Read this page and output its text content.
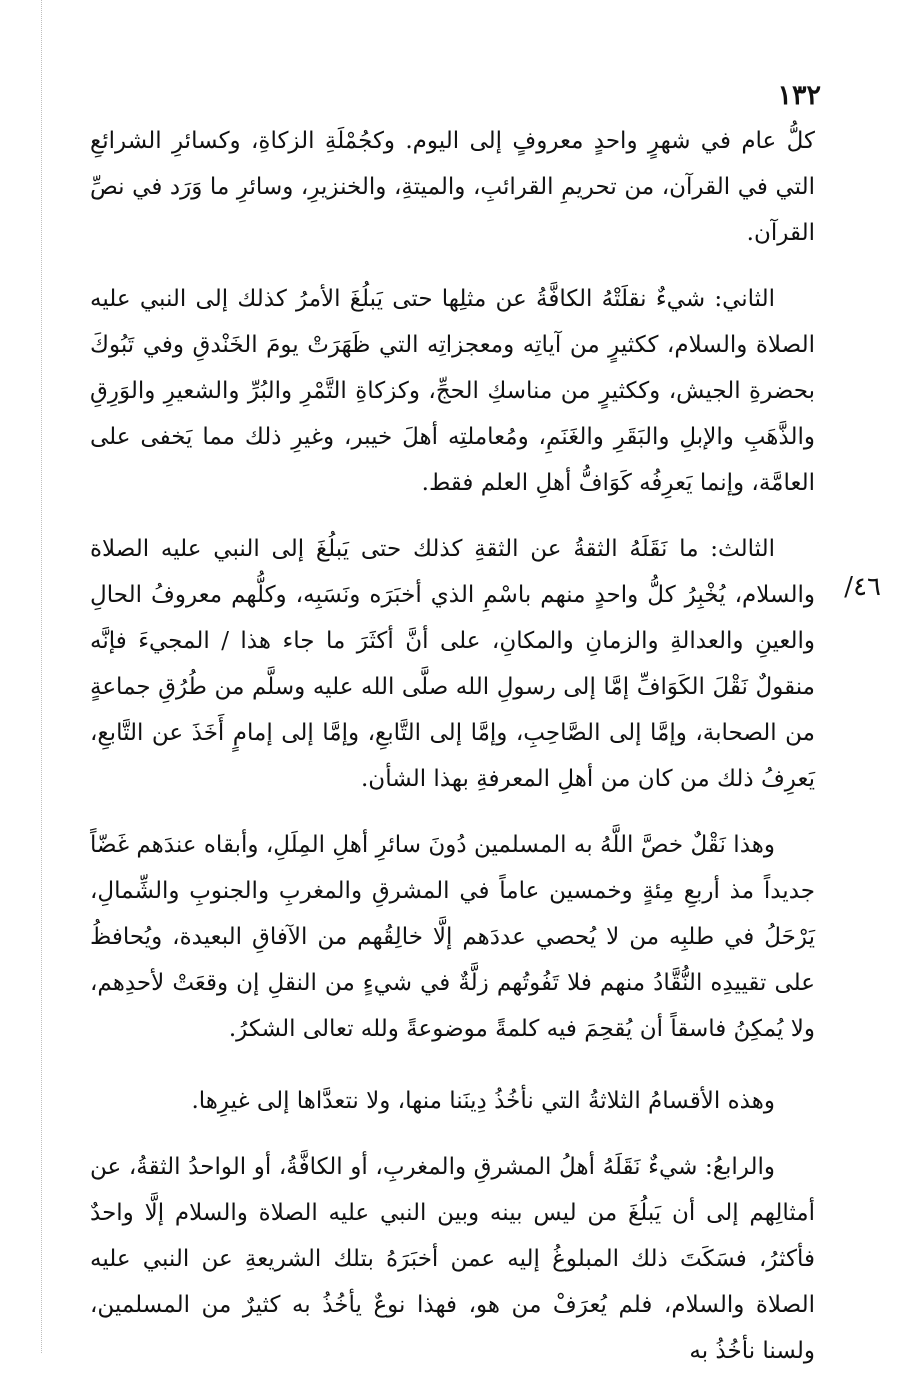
١٣٢
٤٦/

كلُّ عام في شهرٍ واحدٍ معروفٍ إلى اليوم. وكجُمْلَةِ الزكاةِ، وكسائرِ الشرائعِ التي في القرآن، من تحريمِ القرائبِ، والميتةِ، والخنزيرِ، وسائرِ ما وَرَد في نصِّ القرآن.

الثاني: شيءٌ نقلَتْهُ الكافَّةُ عن مثلِها حتى يَبلُغَ الأمرُ كذلك إلى النبي عليه الصلاة والسلام، ككثيرٍ من آياتِه ومعجزاتِه التي ظَهَرَتْ يومَ الخَنْدقِ وفي تَبُوكَ بحضرةِ الجيش، وككثيرٍ من مناسكِ الحجِّ، وكزكاةِ التَّمْرِ والبُرِّ والشعيرِ والوَرِقِ والذَّهَبِ والإبلِ والبَقَرِ والغَنَمِ، ومُعاملتِه أهلَ خيبر، وغيرِ ذلك مما يَخفى على العامَّة، وإنما يَعرِفُه كَوَافُّ أهلِ العلم فقط.

الثالث: ما نَقَلَهُ الثقةُ عن الثقةِ كذلك حتى يَبلُغَ إلى النبي عليه الصلاة والسلام، يُخْبِرُ كلُّ واحدٍ منهم باسْمِ الذي أخبَرَه ونَسَبِه، وكلُّهم معروفُ الحالِ والعينِ والعدالةِ والزمانِ والمكانِ، على أنَّ أكثَرَ ما جاء هذا / المجيءَ فإنَّه منقولٌ نَقْلَ الكَوَافِّ إمَّا إلى رسولِ الله صلَّى الله عليه وسلَّم من طُرُقِ جماعةٍ من الصحابة، وإمَّا إلى الصَّاحِبِ، وإمَّا إلى التَّابعِ، وإمَّا إلى إمامٍ أَخَذَ عن التَّابعِ، يَعرِفُ ذلك من كان من أهلِ المعرفةِ بهذا الشأن.

وهذا نَقْلٌ خصَّ اللَّهُ به المسلمين دُونَ سائرِ أهلِ المِلَلِ، وأبقاه عندَهم غَضّاً جديداً مذ أربعِ مِئةٍ وخمسين عاماً في المشرقِ والمغربِ والجنوبِ والشِّمالِ، يَرْحَلُ في طلبِه من لا يُحصي عددَهم إلَّا خالِقُهم من الآفاقِ البعيدة، ويُحافظُ على تقييدِه النُّقَّادُ منهم فلا تَفُوتُهم زلَّةٌ في شيءٍ من النقلِ إن وقعَتْ لأحدِهم، ولا يُمكِنُ فاسقاً أن يُقحِمَ فيه كلمةً موضوعةً ولله تعالى الشكرُ.

وهذه الأقسامُ الثلاثةُ التي نأخُذُ دِينَنا منها، ولا نتعدَّاها إلى غيرِها.

والرابعُ: شيءٌ نَقَلَهُ أهلُ المشرقِ والمغربِ، أو الكافَّةُ، أو الواحدُ الثقةُ، عن أمثالِهم إلى أن يَبلُغَ من ليس بينه وبين النبي عليه الصلاة والسلام إلَّا واحدٌ فأكثرُ، فسَكَتَ ذلك المبلوغُ إليه عمن أخبَرَهُ بتلك الشريعةِ عن النبي عليه الصلاة والسلام، فلم يُعرَفْ من هو، فهذا نوعٌ يأخُذُ به كثيرٌ من المسلمين، ولسنا نأخُذُ به
